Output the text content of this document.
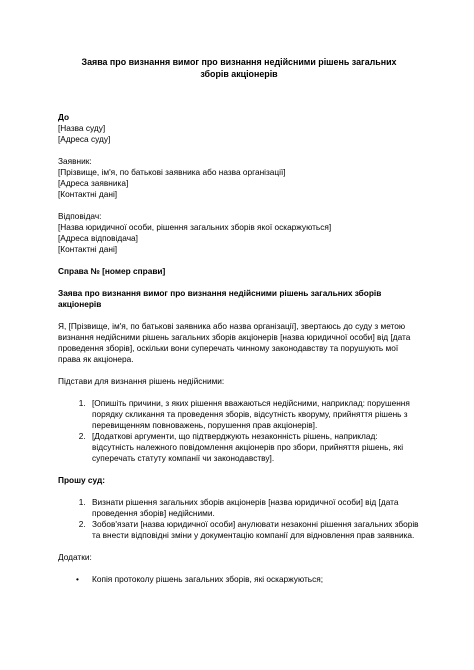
Заява про визнання вимог про визнання недійсними рішень загальних зборів акціонерів
До
[Назва суду]
[Адреса суду]
Заявник:
[Прізвище, ім'я, по батькові заявника або назва організації]
[Адреса заявника]
[Контактні дані]
Відповідач:
[Назва юридичної особи, рішення загальних зборів якої оскаржуються]
[Адреса відповідача]
[Контактні дані]

Справа № [номер справи]

Заява про визнання вимог про визнання недійсними рішень загальних зборів акціонерів

Я, [Прізвище, ім'я, по батькові заявника або назва організації], звертаюсь до суду з метою визнання недійсними рішень загальних зборів акціонерів [назва юридичної особи] від [дата проведення зборів], оскільки вони суперечать чинному законодавству та порушують мої права як акціонера.

Підстави для визнання рішень недійсними:

1. [Опишіть причини, з яких рішення вважаються недійсними, наприклад: порушення порядку скликання та проведення зборів, відсутність кворуму, прийняття рішень з перевищенням повноважень, порушення прав акціонерів].
2. [Додаткові аргументи, що підтверджують незаконність рішень, наприклад: відсутність належного повідомлення акціонерів про збори, прийняття рішень, які суперечать статуту компанії чи законодавству].

Прошу суд:

1. Визнати рішення загальних зборів акціонерів [назва юридичної особи] від [дата проведення зборів] недійсними.
2. Зобов'язати [назва юридичної особи] анулювати незаконні рішення загальних зборів та внести відповідні зміни у документацію компанії для відновлення прав заявника.

Додатки:

• Копія протоколу рішень загальних зборів, які оскаржуються;
